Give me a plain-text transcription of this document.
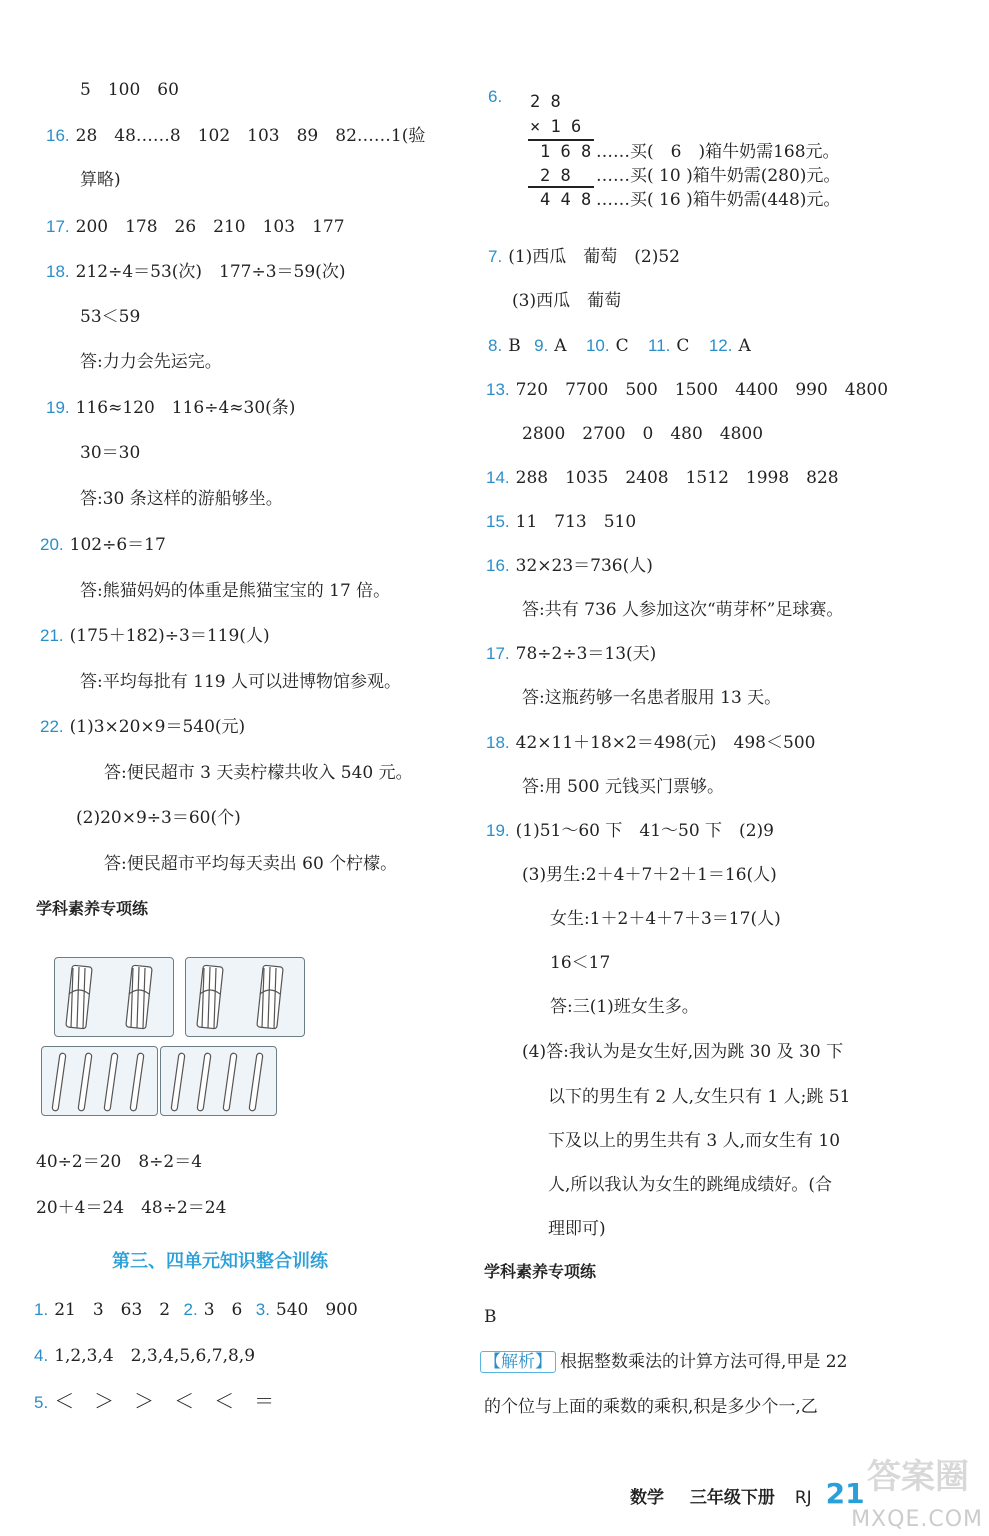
5　100　60
16. 28　48……8　102　103　89　82……1(验
算略)
17. 200　178　26　210　103　177
18. 212÷4＝53(次)　177÷3＝59(次)
53＜59
答:力力会先运完。
19. 116≈120　116÷4≈30(条)
30＝30
答:30 条这样的游船够坐。
20. 102÷6＝17
答:熊猫妈妈的体重是熊猫宝宝的 17 倍。
21. (175＋182)÷3＝119(人)
答:平均每批有 119 人可以进博物馆参观。
22. (1)3×20×9＝540(元)
答:便民超市 3 天卖柠檬共收入 540 元。
(2)20×9÷3＝60(个)
答:便民超市平均每天卖出 60 个柠檬。
学科素养专项练
40÷2＝20　8÷2＝4
20＋4＝24　48÷2＝24
第三、四单元知识整合训练
1. 21　3　63　2 2. 3　6 3. 540　900
4. 1,2,3,4　2,3,4,5,6,7,8,9
5. ＜　＞　＞　＜　＜　＝
6.	2 8
× 1 6
1 6 8 ……买(　6　)箱牛奶需168元。
2 8 ……买( 10 )箱牛奶需(280)元。
4 4 8 ……买( 16 )箱牛奶需(448)元。
7. (1)西瓜　葡萄　(2)52
(3)西瓜　葡萄
8. B 9. A 10. C 11. C 12. A
13. 720　7700　500　1500　4400　990　4800
2800　2700　0　480　4800
14. 288　1035　2408　1512　1998　828
15. 11　713　510
16. 32×23＝736(人)
答:共有 736 人参加这次“萌芽杯”足球赛。
17. 78÷2÷3＝13(天)
答:这瓶药够一名患者服用 13 天。
18. 42×11＋18×2＝498(元)　498＜500
答:用 500 元钱买门票够。
19. (1)51～60 下　41～50 下　(2)9
(3)男生:2＋4＋7＋2＋1＝16(人)
女生:1＋2＋4＋7＋3＝17(人)
16＜17
答:三(1)班女生多。
(4)答:我认为是女生好,因为跳 30 及 30 下
以下的男生有 2 人,女生只有 1 人;跳 51
下及以上的男生共有 3 人,而女生有 10
人,所以我认为女生的跳绳成绩好。(合
理即可)
学科素养专项练
B
【解析】 根据整数乘法的计算方法可得,甲是 22
的个位与上面的乘数的乘积,积是多少个一,乙
数学 三年级下册 RJ 21 答案圈
MXQE.COM
